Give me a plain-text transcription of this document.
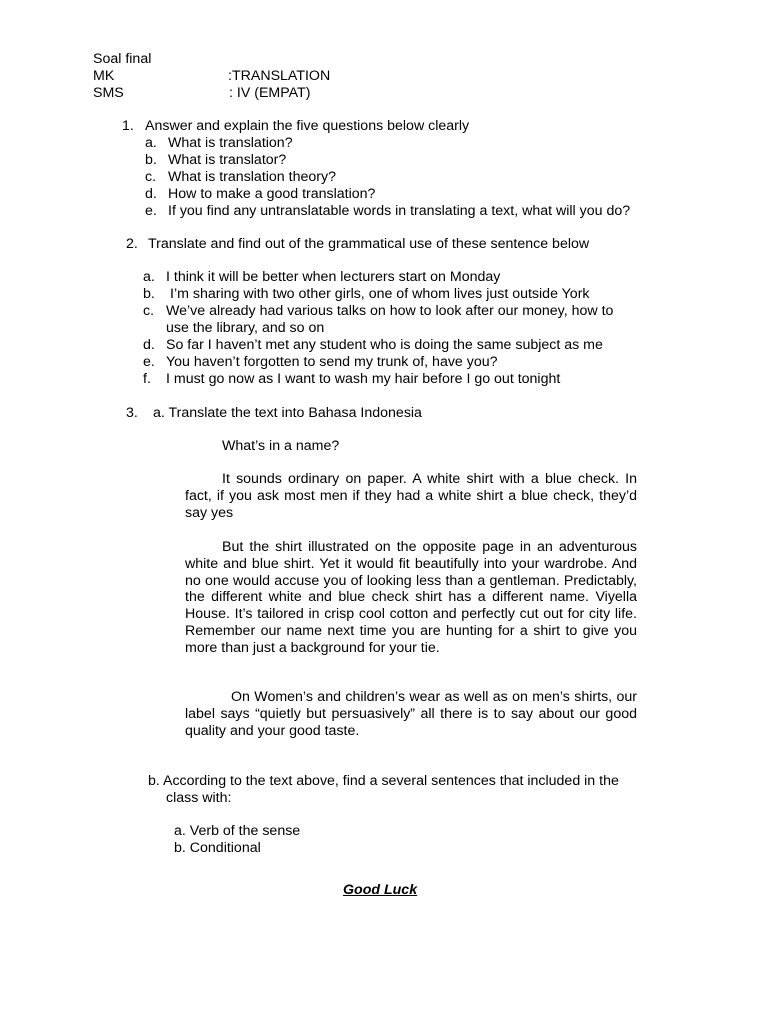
Soal final
MK	:TRANSLATION
SMS	: IV (EMPAT)
1. Answer and explain the five questions below clearly
a. What is translation?
b. What is translator?
c. What is translation theory?
d. How to make a good translation?
e. If you find any untranslatable words in translating a text, what will you do?
2. Translate and find out of the grammatical use of these sentence below
a. I think it will be better when lecturers start on Monday
b. I’m sharing with two other girls, one of whom lives just outside York
c. We’ve already had various talks on how to look after our money, how to
use the library, and so on
d. So far I haven’t met any student who is doing the same subject as me
e. You haven’t forgotten to send my trunk of, have you?
f. I must go now as I want to wash my hair before I go out tonight
3. a. Translate the text into Bahasa Indonesia
What’s in a name?

It sounds ordinary on paper. A white shirt with a blue check. In fact, if you ask most men if they had a white shirt a blue check, they’d say yes

But the shirt illustrated on the opposite page in an adventurous white and blue shirt. Yet it would fit beautifully into your wardrobe. And no one would accuse you of looking less than a gentleman. Predictably, the different white and blue check shirt has a different name. Viyella House. It’s tailored in crisp cool cotton and perfectly cut out for city life. Remember our name next time you are hunting for a shirt to give you more than just a background for your tie.

On Women’s and children’s wear as well as on men’s shirts, our label says “quietly but persuasively” all there is to say about our good quality and your good taste.

b. According to the text above, find a several sentences that included in the
class with:
a. Verb of the sense
b. Conditional
Good Luck
